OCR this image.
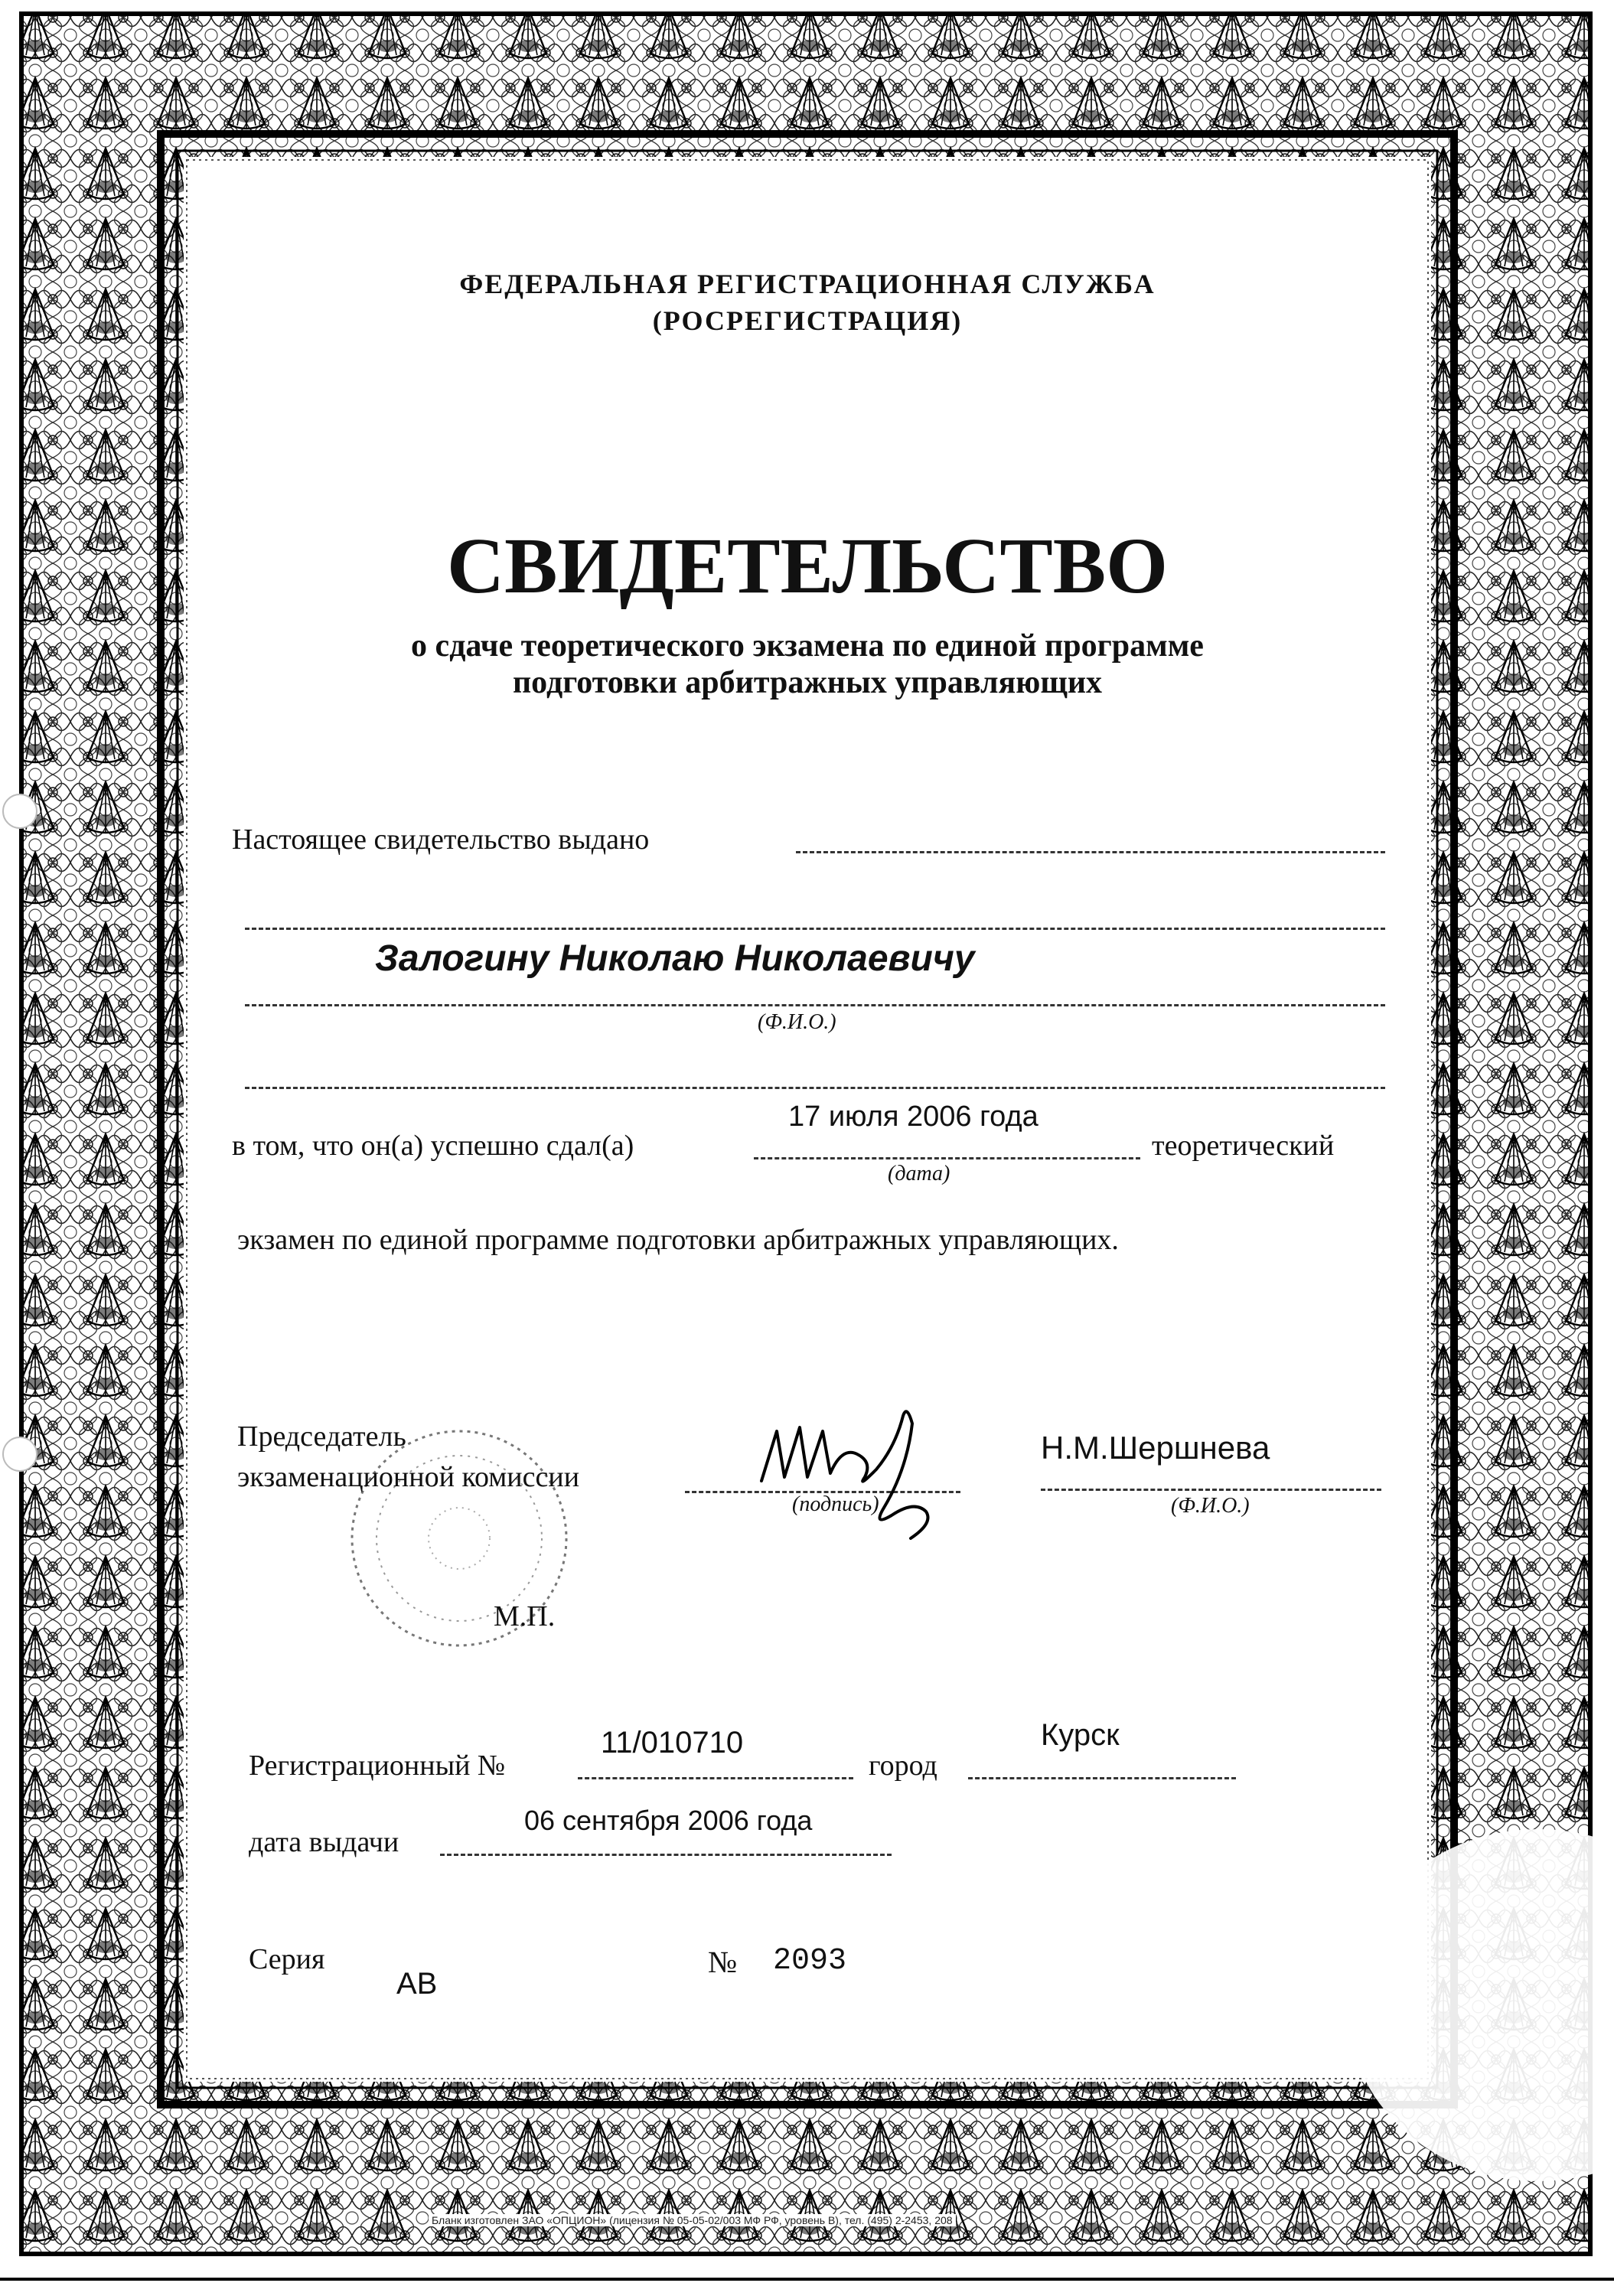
Бланк изготовлен ЗАО «ОПЦИОН» (лицензия № 05-05-02/003 МФ РФ, уровень В), тел. (495) 2-2453, 208
ФЕДЕРАЛЬНАЯ РЕГИСТРАЦИОННАЯ СЛУЖБА
(РОСРЕГИСТРАЦИЯ)
СВИДЕТЕЛЬСТВО
о сдаче теоретического экзамена по единой программе
подготовки арбитражных управляющих
Настоящее свидетельство выдано
Залогину Николаю Николаевичу
(Ф.И.О.)
17 июля 2006 года
в том, что он(а) успешно сдал(а)	теоретический
(дата)
экзамен по единой программе подготовки арбитражных управляющих.
Председатель
экзаменационной комиссии
(подпись)
Н.М.Шершнева
(Ф.И.О.)
М.П.
11/010710
Регистрационный №	город
Курск
06 сентября 2006 года
дата выдачи
Серия
АВ
№ 2093
